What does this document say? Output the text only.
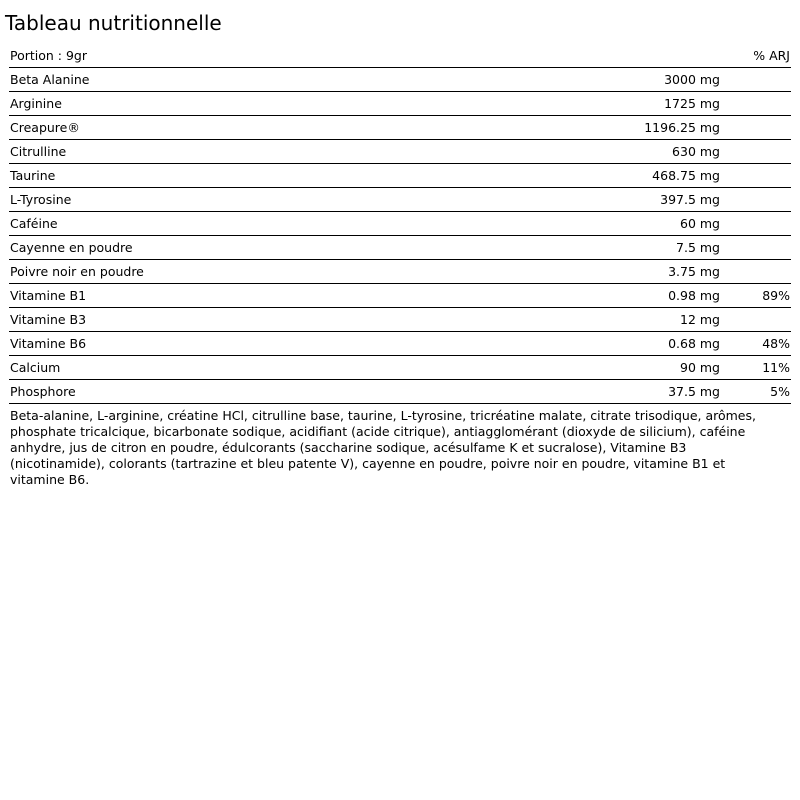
Tableau nutritionnelle
Portion : 9gr	% ARJ
Beta Alanine	3000 mg
Arginine	1725 mg
Creapure®	1196.25 mg
Citrulline	630 mg
Taurine	468.75 mg
L-Tyrosine	397.5 mg
Caféine	60 mg
Cayenne en poudre	7.5 mg
Poivre noir en poudre	3.75 mg
Vitamine B1	0.98 mg	89%
Vitamine B3	12 mg
Vitamine B6	0.68 mg	48%
Calcium	90 mg	11%
Phosphore	37.5 mg	5%

Beta-alanine, L-arginine, créatine HCl, citrulline base, taurine, L-tyrosine, tricréatine malate, citrate trisodique, arômes, phosphate tricalcique, bicarbonate sodique, acidifiant (acide citrique), antiagglomérant (dioxyde de silicium), caféine anhydre, jus de citron en poudre, édulcorants (saccharine sodique, acésulfame K et sucralose), Vitamine B3 (nicotinamide), colorants (tartrazine et bleu patente V), cayenne en poudre, poivre noir en poudre, vitamine B1 et vitamine B6.
